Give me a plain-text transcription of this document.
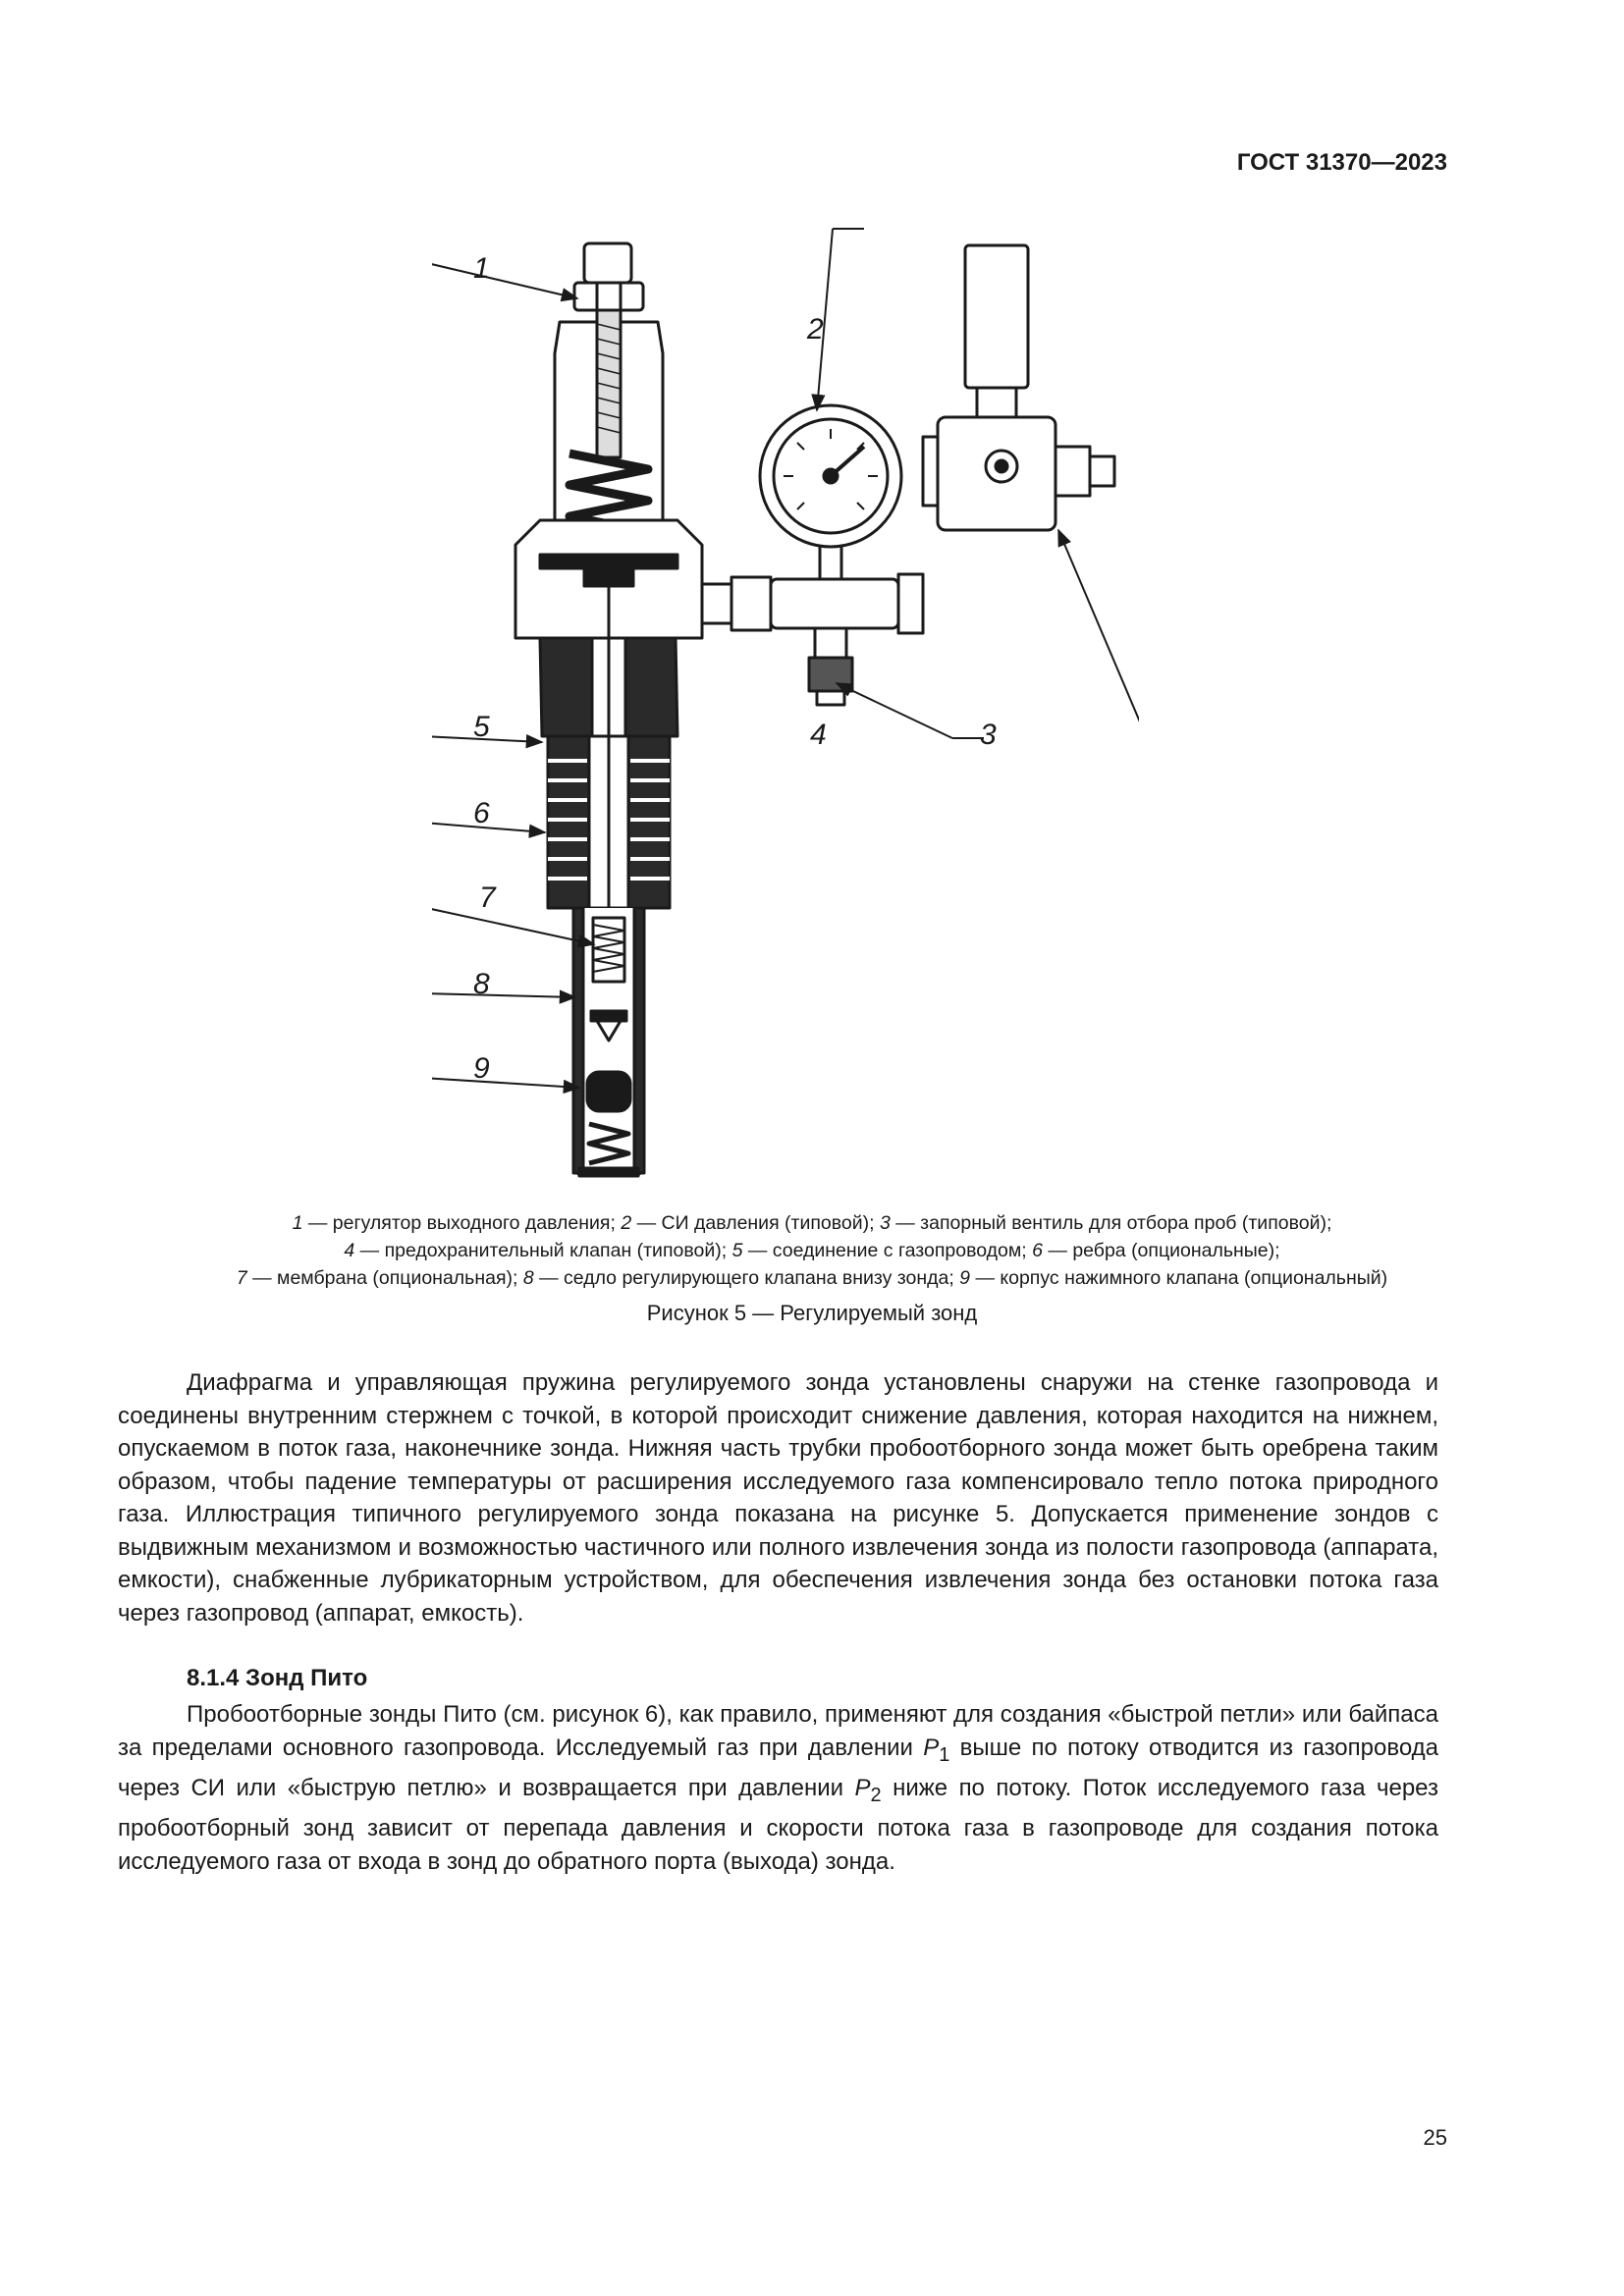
ГОСТ 31370—2023
1
2
3
4
5
6
7
8
9
1 — регулятор выходного давления; 2 — СИ давления (типовой); 3 — запорный вентиль для отбора проб (типовой);
4 — предохранительный клапан (типовой); 5 — соединение с газопроводом; 6 — ребра (опциональные);
7 — мембрана (опциональная); 8 — седло регулирующего клапана внизу зонда; 9 — корпус нажимного клапана (опциональный)
Рисунок 5 — Регулируемый зонд

Диафрагма и управляющая пружина регулируемого зонда установлены снаружи на стенке газопровода и соединены внутренним стержнем с точкой, в которой происходит снижение давления, которая находится на нижнем, опускаемом в поток газа, наконечнике зонда. Нижняя часть трубки пробоотборного зонда может быть оребрена таким образом, чтобы падение температуры от расширения исследуемого газа компенсировало тепло потока природного газа. Иллюстрация типичного регулируемого зонда показана на рисунке 5. Допускается применение зондов с выдвижным механизмом и возможностью частичного или полного извлечения зонда из полости газопровода (аппарата, емкости), снабженные лубрикаторным устройством, для обеспечения извлечения зонда без остановки потока газа через газопровод (аппарат, емкость).

8.1.4 Зонд Пито

Пробоотборные зонды Пито (см. рисунок 6), как правило, применяют для создания «быстрой петли» или байпаса за пределами основного газопровода. Исследуемый газ при давлении $P_1$ выше по потоку отводится из газопровода через СИ или «быструю петлю» и возвращается при давлении $P_2$ ниже по потоку. Поток исследуемого газа через пробоотборный зонд зависит от перепада давления и скорости потока газа в газопроводе для создания потока исследуемого газа от входа в зонд до обратного порта (выхода) зонда.

25
